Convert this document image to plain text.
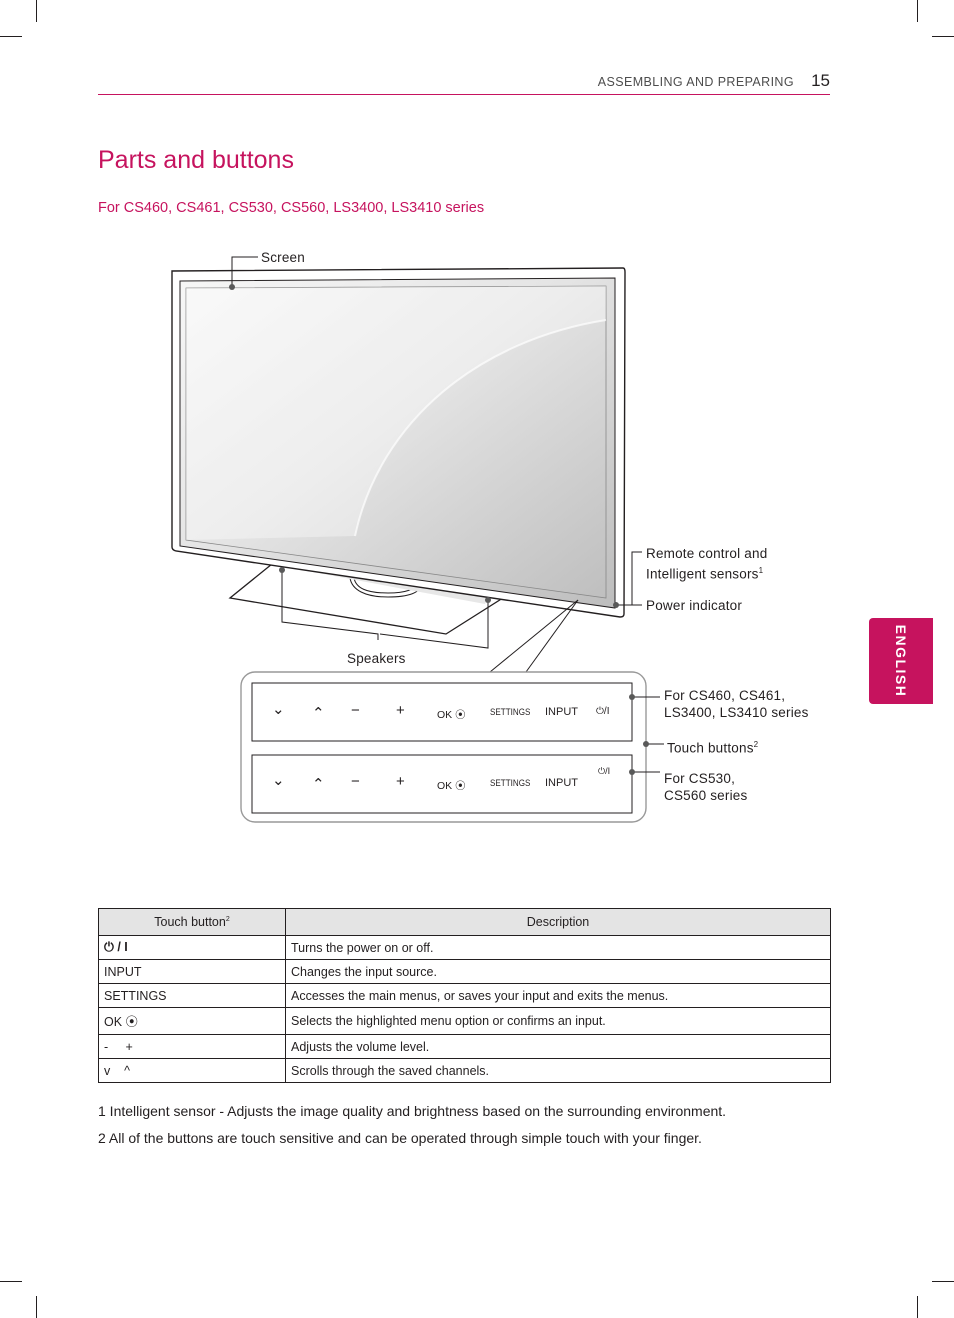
ASSEMBLING AND PREPARING 15
Parts and buttons
For CS460, CS461, CS530, CS560, LS3400, LS3410 series
Screen
Remote control and
Intelligent sensors$^1$
Power indicator
Speakers
For CS460, CS461,
LS3400, LS3410 series
Touch buttons$^2$
For CS530,
CS560 series
⌄ ⌃ − +	OK ⦿	SETTINGS INPUT ⏻/I
⌄ ⌃ − +	OK ⦿	SETTINGS INPUT
⏻/I
ENGLISH
Touch button$^2$	Description
⏻ / I	Turns the power on or off.
INPUT	Changes the input source.
SETTINGS	Accesses the main menus, or saves your input and exits the menus.
OK ⦿	Selects the highlighted menu option or confirms an input.
-     +	Adjusts the volume level.
v    ^	Scrolls through the saved channels.
1 Intelligent sensor - Adjusts the image quality and brightness based on the surrounding environment.
2 All of the buttons are touch sensitive and can be operated through simple touch with your finger.
